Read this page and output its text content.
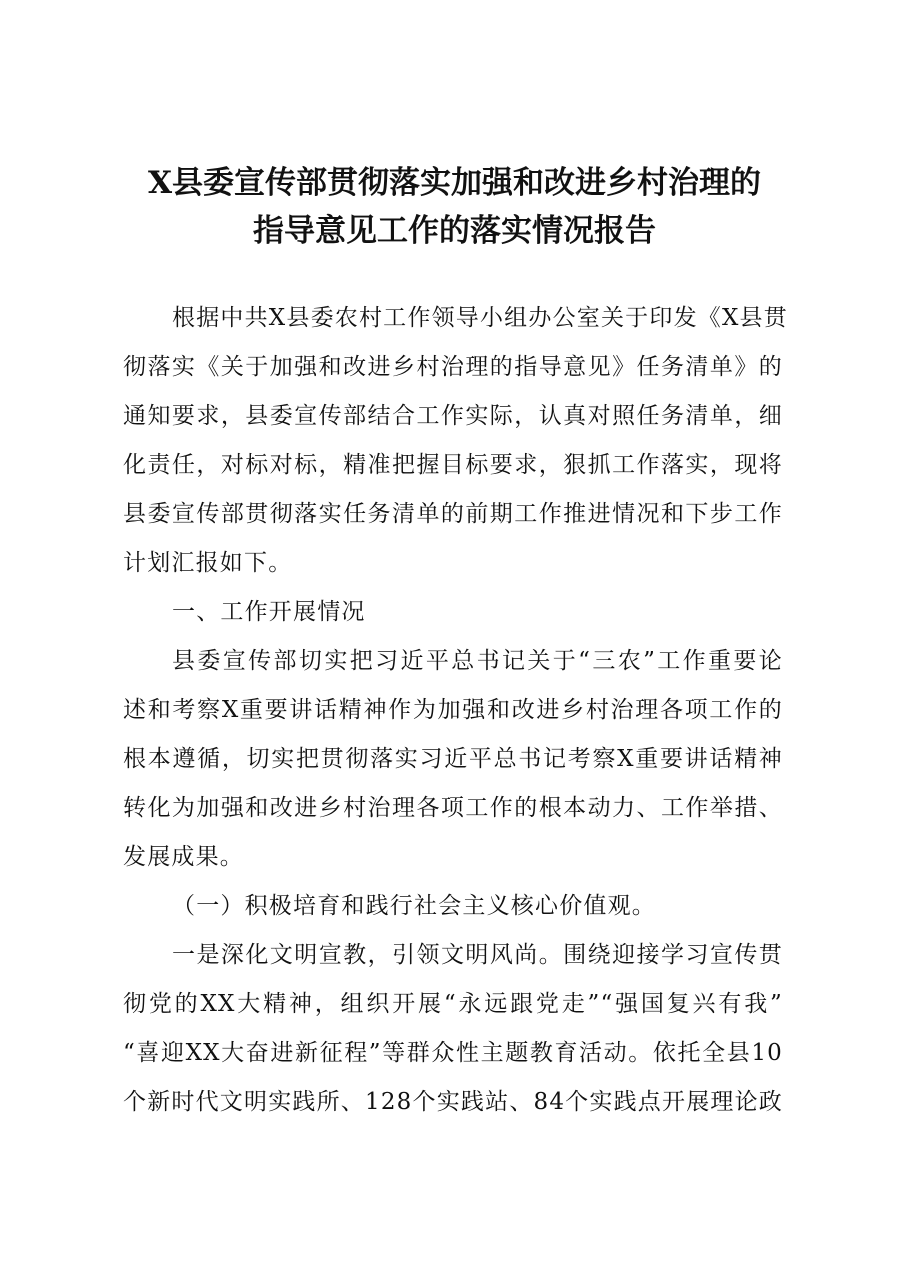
X县委宣传部贯彻落实加强和改进乡村治理的
指导意见工作的落实情况报告
根据中共X县委农村工作领导小组办公室关于印发《X县贯
彻落实《关于加强和改进乡村治理的指导意见》任务清单》的
通知要求，县委宣传部结合工作实际，认真对照任务清单，细
化责任，对标对标，精准把握目标要求，狠抓工作落实，现将
县委宣传部贯彻落实任务清单的前期工作推进情况和下步工作
计划汇报如下。
一、工作开展情况
县委宣传部切实把习近平总书记关于“三农”工作重要论
述和考察X重要讲话精神作为加强和改进乡村治理各项工作的
根本遵循，切实把贯彻落实习近平总书记考察X重要讲话精神
转化为加强和改进乡村治理各项工作的根本动力、工作举措、
发展成果。
（一）积极培育和践行社会主义核心价值观。
一是深化文明宣教，引领文明风尚。围绕迎接学习宣传贯
彻党的XX大精神，组织开展“永远跟党走”“强国复兴有我”
“喜迎XX大奋进新征程”等群众性主题教育活动。依托全县10
个新时代文明实践所、128个实践站、84个实践点开展理论政
